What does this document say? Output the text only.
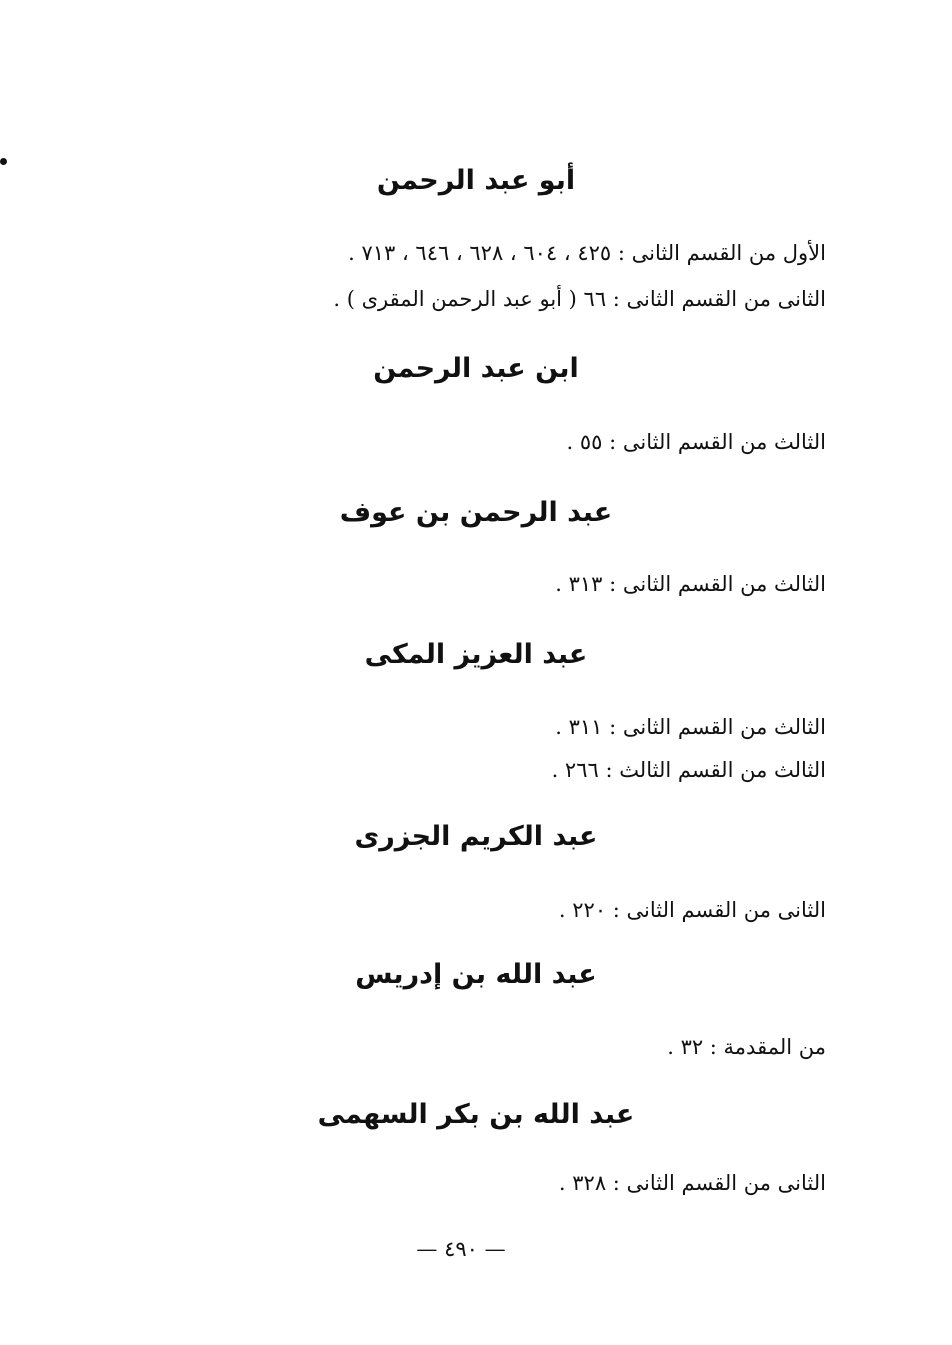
أبو عبد الرحمن
الأول من القسم الثانى : ٤٢٥ ، ٦٠٤ ، ٦٢٨ ، ٦٤٦ ، ٧١٣ .
الثانى من القسم الثانى : ٦٦ ( أبو عبد الرحمن المقرى ) .
ابن عبد الرحمن
الثالث من القسم الثانى : ٥٥ .
عبد الرحمن بن عوف
الثالث من القسم الثانى : ٣١٣ .
عبد العزيز المكى
الثالث من القسم الثانى : ٣١١ .
الثالث من القسم الثالث : ٢٦٦ .
عبد الكريم الجزرى
الثانى من القسم الثانى : ٢٢٠ .
عبد الله بن إدريس
من المقدمة : ٣٢ .
عبد الله بن بكر السهمى
الثانى من القسم الثانى : ٣٢٨ .
— ٤٩٠ —
